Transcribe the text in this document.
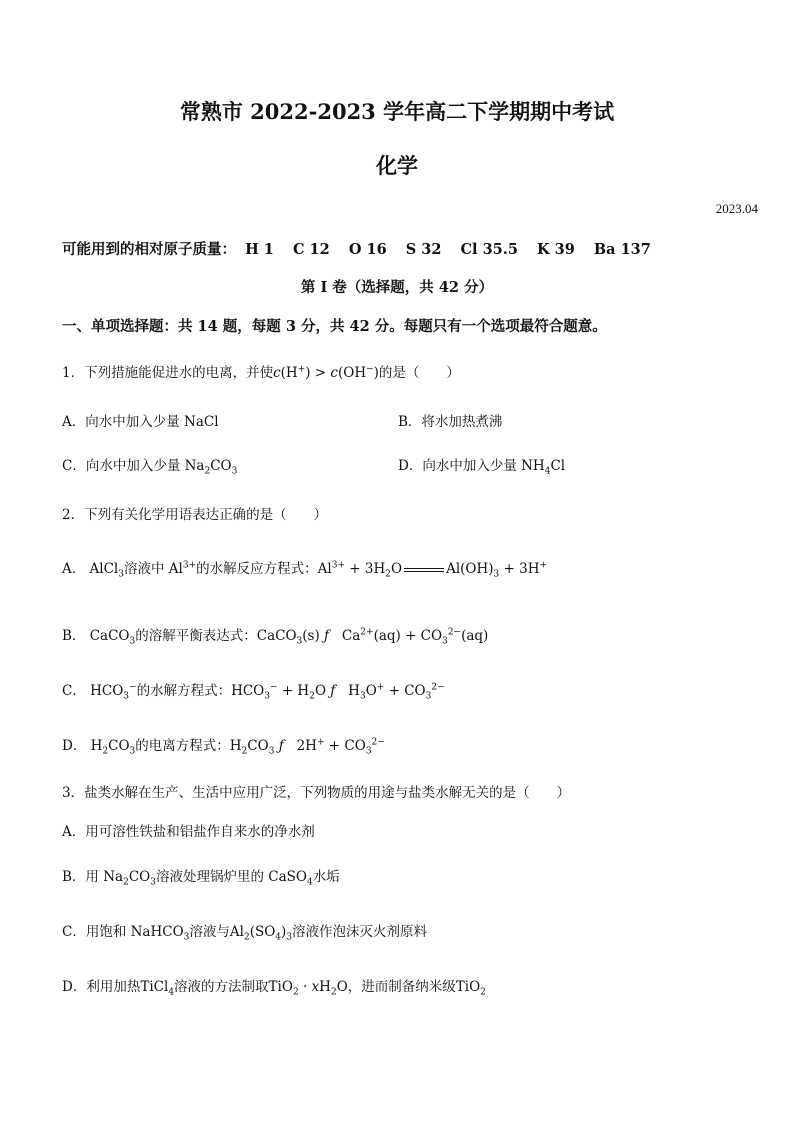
常熟市 2022-2023 学年高二下学期期中考试
化学
2023.04
可能用到的相对原子质量： H 1 C 12 O 16 S 32 Cl 35.5 K 39 Ba 137
第 I 卷（选择题，共 42 分）
一、单项选择题：共 14 题，每题 3 分，共 42 分。每题只有一个选项最符合题意。
1．下列措施能促进水的电离，并使c(H+) > c(OH−)的是（　　）
A．向水中加入少量 NaCl	B．将水加热煮沸
C．向水中加入少量 $Na_2CO_3$	D．向水中加入少量 $NH_4Cl$
2．下列有关化学用语表达正确的是（　　）
A． AlCl$_3$溶液中 $Al^{3+}$的水解反应方程式：$Al^{3+} + 3H_2O$	$Al(OH)_3 + 3H^+$
B． CaCO$_3$的溶解平衡表达式：CaCO$_3$(s) ƒ   $Ca^{2+}(aq) + CO_3^{2-}(aq)$
C． $HCO_3^-$的水解方程式：$HCO_3^- + H_2O$ ƒ   $H_3O^+ + CO_3^{2-}$
D． $H_2CO_3$的电离方程式：$H_2CO_3$ ƒ   $2H^+ + CO_3^{2-}$
3．盐类水解在生产、生活中应用广泛，下列物质的用途与盐类水解无关的是（　　）
A．用可溶性铁盐和铝盐作自来水的净水剂
B．用 $Na_2CO_3$溶液处理锅炉里的 CaSO$_4$水垢
C．用饱和 NaHCO$_3$溶液与$Al_2(SO_4)_3$溶液作泡沫灭火剂原料
D．利用加热TiCl$_4$溶液的方法制取$TiO_2 \cdot xH_2O$，进而制备纳米级TiO$_2$
